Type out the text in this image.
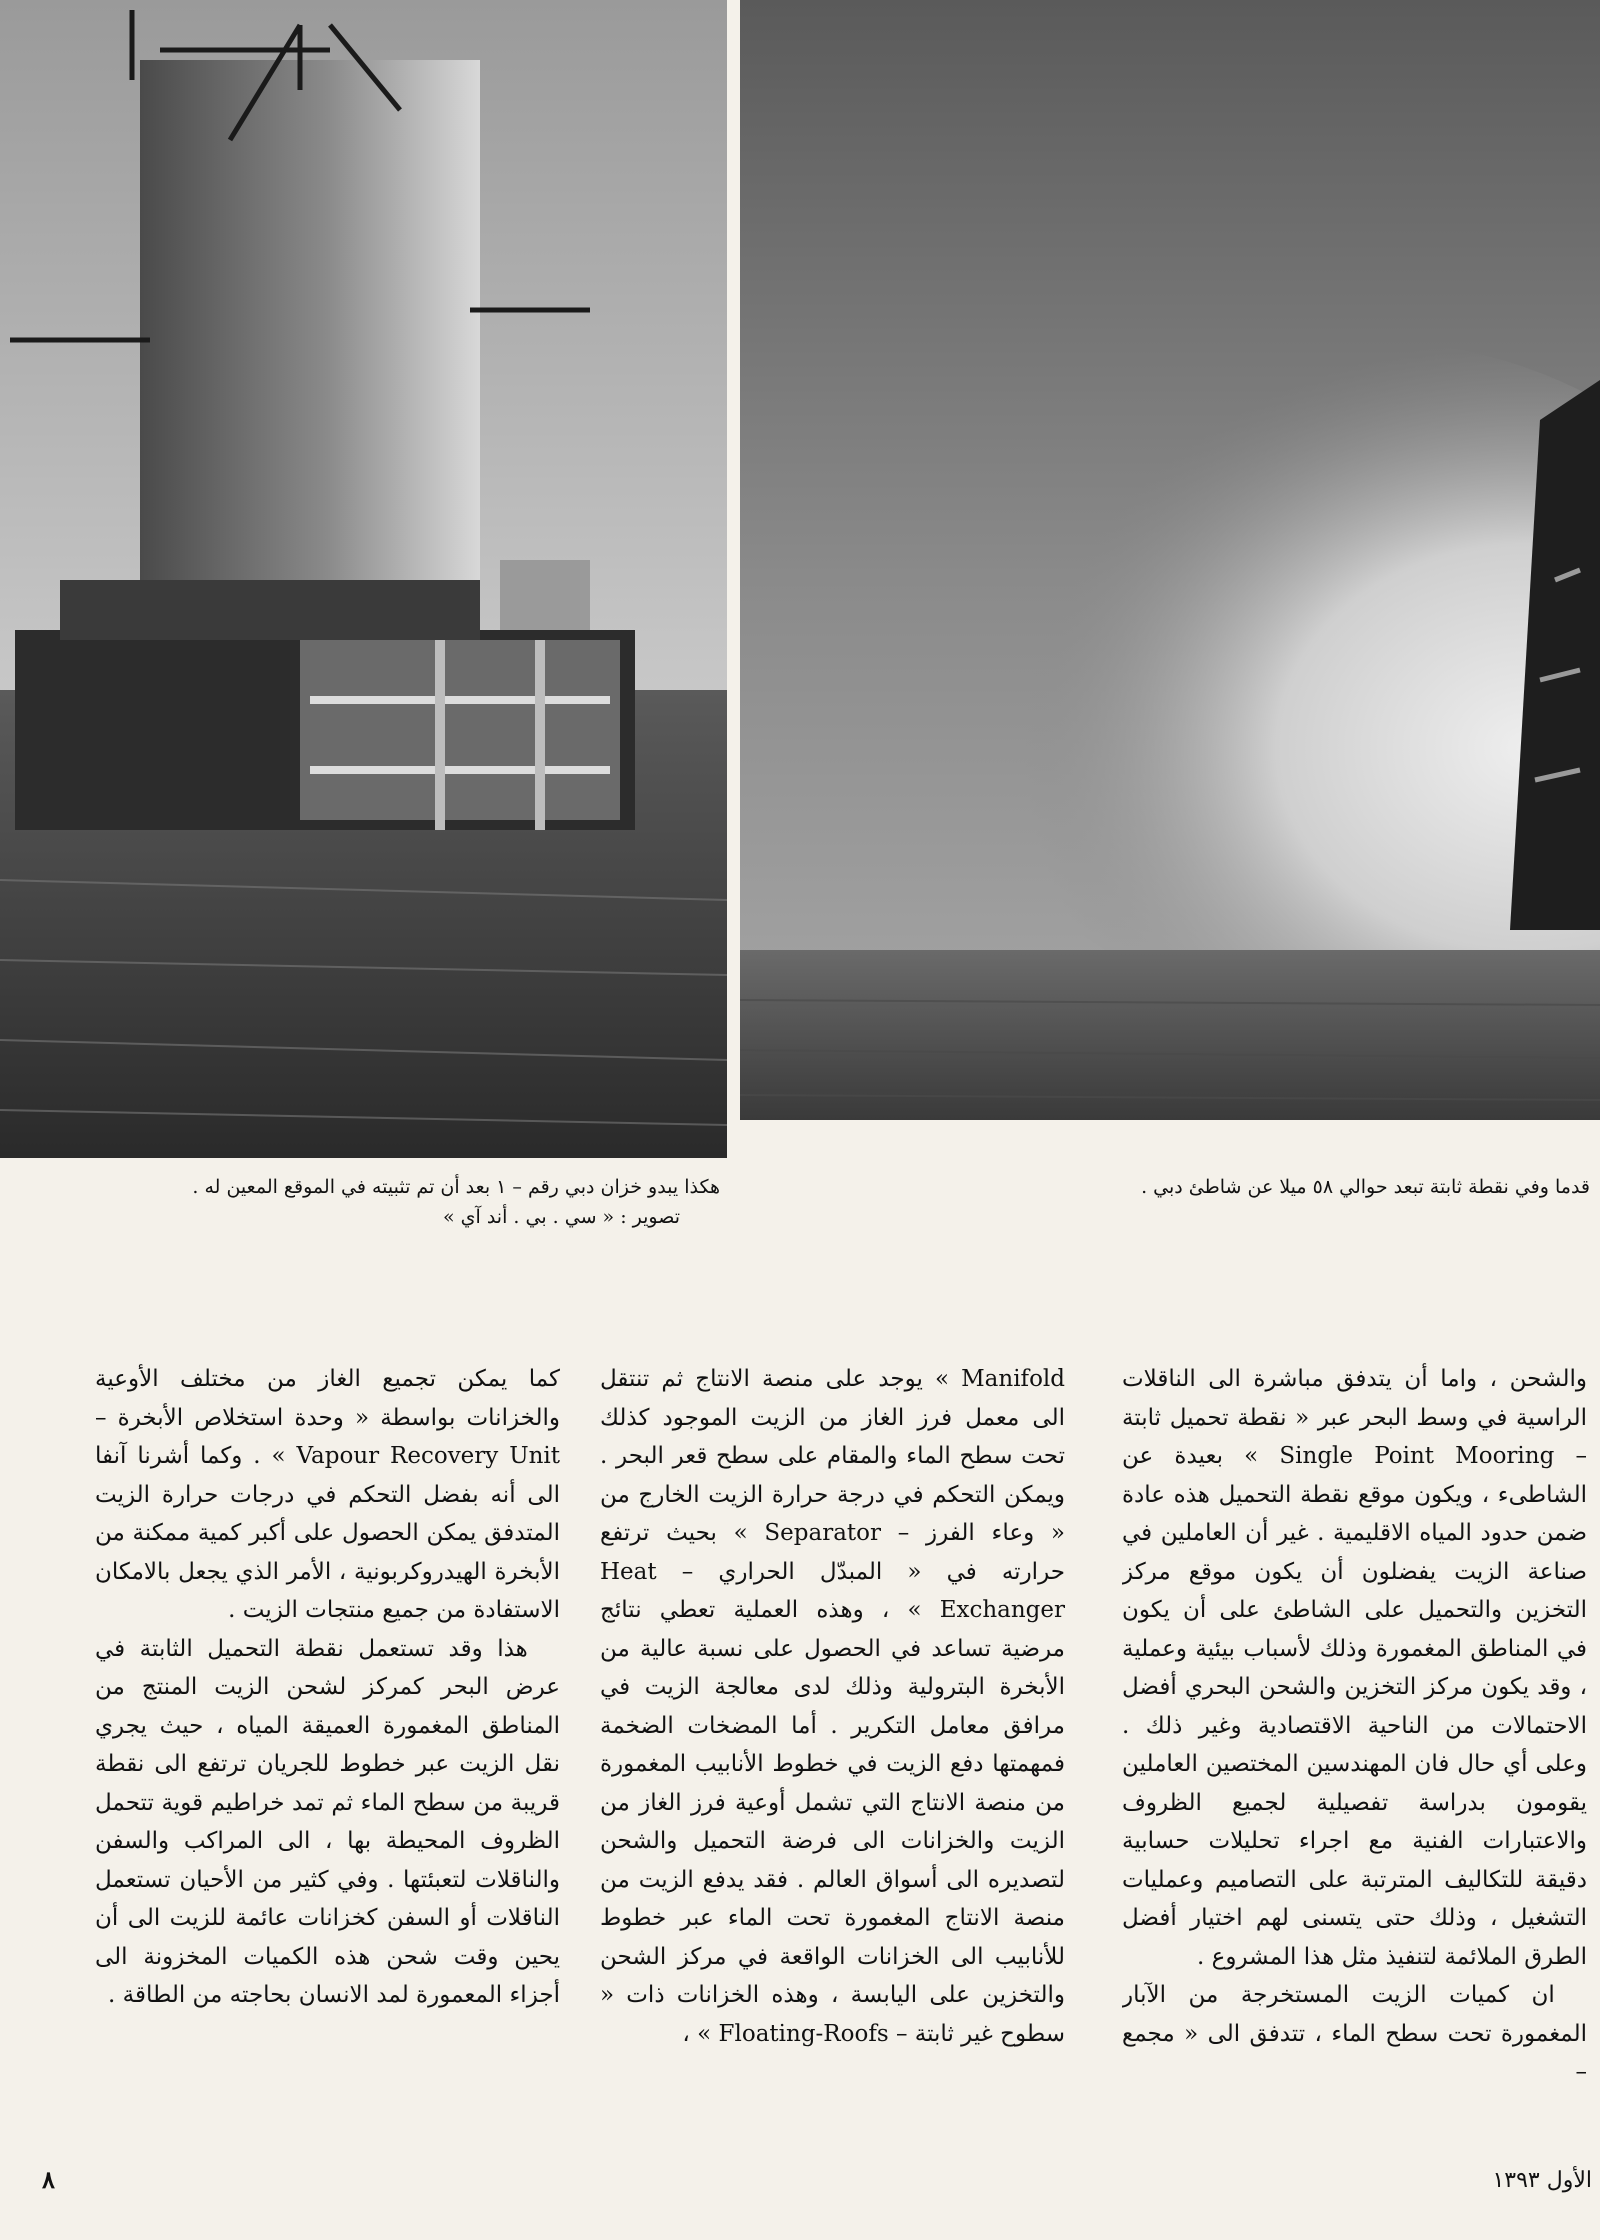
هكذا يبدو خزان دبي رقم – ١ بعد أن تم تثبيته في الموقع المعين له .
تصوير : « سي . بي . أند آي »
قدما وفي نقطة ثابتة تبعد حوالي ٥٨ ميلا عن شاطئ دبي .

والشحن ، واما أن يتدفق مباشرة الى الناقلات الراسية في وسط البحر عبر « نقطة تحميل ثابتة – Single Point Mooring » بعيدة عن الشاطىء ، ويكون موقع نقطة التحميل هذه عادة ضمن حدود المياه الاقليمية . غير أن العاملين في صناعة الزيت يفضلون أن يكون موقع مركز التخزين والتحميل على الشاطئ على أن يكون في المناطق المغمورة وذلك لأسباب بيئية وعملية ، وقد يكون مركز التخزين والشحن البحري أفضل الاحتمالات من الناحية الاقتصادية وغير ذلك . وعلى أي حال فان المهندسين المختصين العاملين يقومون بدراسة تفصيلية لجميع الظروف والاعتبارات الفنية مع اجراء تحليلات حسابية دقيقة للتكاليف المترتبة على التصاميم وعمليات التشغيل ، وذلك حتى يتسنى لهم اختيار أفضل الطرق الملائمة لتنفيذ مثل هذا المشروع .

ان كميات الزيت المستخرجة من الآبار المغمورة تحت سطح الماء ، تتدفق الى « مجمع –

Manifold » يوجد على منصة الانتاج ثم تنتقل الى معمل فرز الغاز من الزيت الموجود كذلك تحت سطح الماء والمقام على سطح قعر البحر . ويمكن التحكم في درجة حرارة الزيت الخارج من « وعاء الفرز – Separator » بحيث ترتفع حرارته في « المبدّل الحراري – Heat Exchanger » ، وهذه العملية تعطي نتائج مرضية تساعد في الحصول على نسبة عالية من الأبخرة البترولية وذلك لدى معالجة الزيت في مرافق معامل التكرير . أما المضخات الضخمة فمهمتها دفع الزيت في خطوط الأنابيب المغمورة من منصة الانتاج التي تشمل أوعية فرز الغاز من الزيت والخزانات الى فرضة التحميل والشحن لتصديره الى أسواق العالم . فقد يدفع الزيت من منصة الانتاج المغمورة تحت الماء عبر خطوط للأنابيب الى الخزانات الواقعة في مركز الشحن والتخزين على اليابسة ، وهذه الخزانات ذات « سطوح غير ثابتة – Floating-Roofs » ،

كما يمكن تجميع الغاز من مختلف الأوعية والخزانات بواسطة « وحدة استخلاص الأبخرة – Vapour Recovery Unit » . وكما أشرنا آنفا الى أنه بفضل التحكم في درجات حرارة الزيت المتدفق يمكن الحصول على أكبر كمية ممكنة من الأبخرة الهيدروكربونية ، الأمر الذي يجعل بالامكان الاستفادة من جميع منتجات الزيت .

هذا وقد تستعمل نقطة التحميل الثابتة في عرض البحر كمركز لشحن الزيت المنتج من المناطق المغمورة العميقة المياه ، حيث يجري نقل الزيت عبر خطوط للجريان ترتفع الى نقطة قريبة من سطح الماء ثم تمد خراطيم قوية تتحمل الظروف المحيطة بها ، الى المراكب والسفن والناقلات لتعبئتها . وفي كثير من الأحيان تستعمل الناقلات أو السفن كخزانات عائمة للزيت الى أن يحين وقت شحن هذه الكميات المخزونة الى أجزاء المعمورة لمد الانسان بحاجته من الطاقة .

٨	الأول ١٣٩٣
